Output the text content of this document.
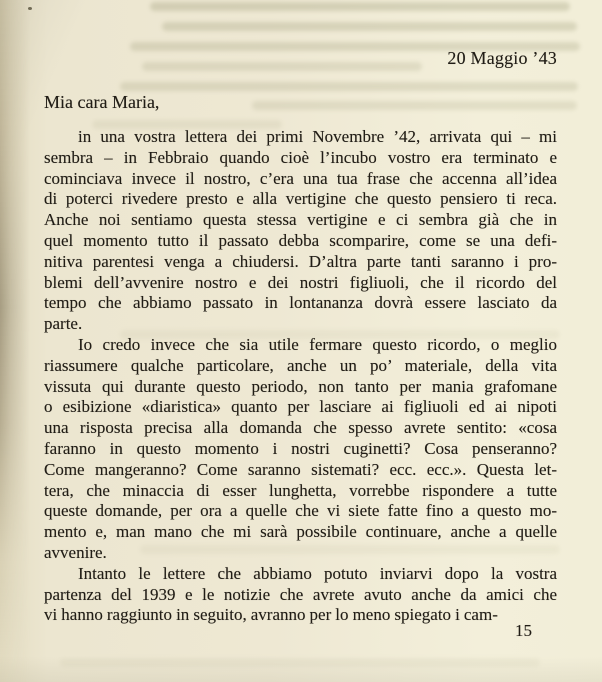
20 Maggio ’43
Mia cara Maria,
in una vostra lettera dei primi Novembre ’42, arrivata qui – mi
sembra – in Febbraio quando cioè l’incubo vostro era terminato e
cominciava invece il nostro, c’era una tua frase che accenna all’idea
di poterci rivedere presto e alla vertigine che questo pensiero ti reca.
Anche noi sentiamo questa stessa vertigine e ci sembra già che in
quel momento tutto il passato debba scomparire, come se una defi-
nitiva parentesi venga a chiudersi. D’altra parte tanti saranno i pro-
blemi dell’avvenire nostro e dei nostri figliuoli, che il ricordo del
tempo che abbiamo passato in lontananza dovrà essere lasciato da
parte.
Io credo invece che sia utile fermare questo ricordo, o meglio
riassumere qualche particolare, anche un po’ materiale, della vita
vissuta qui durante questo periodo, non tanto per mania grafomane
o esibizione «diaristica» quanto per lasciare ai figliuoli ed ai nipoti
una risposta precisa alla domanda che spesso avrete sentito: «cosa
faranno in questo momento i nostri cuginetti? Cosa penseranno?
Come mangeranno? Come saranno sistemati? ecc. ecc.». Questa let-
tera, che minaccia di esser lunghetta, vorrebbe rispondere a tutte
queste domande, per ora a quelle che vi siete fatte fino a questo mo-
mento e, man mano che mi sarà possibile continuare, anche a quelle
avvenire.
Intanto le lettere che abbiamo potuto inviarvi dopo la vostra
partenza del 1939 e le notizie che avrete avuto anche da amici che
vi hanno raggiunto in seguito, avranno per lo meno spiegato i cam-
15
